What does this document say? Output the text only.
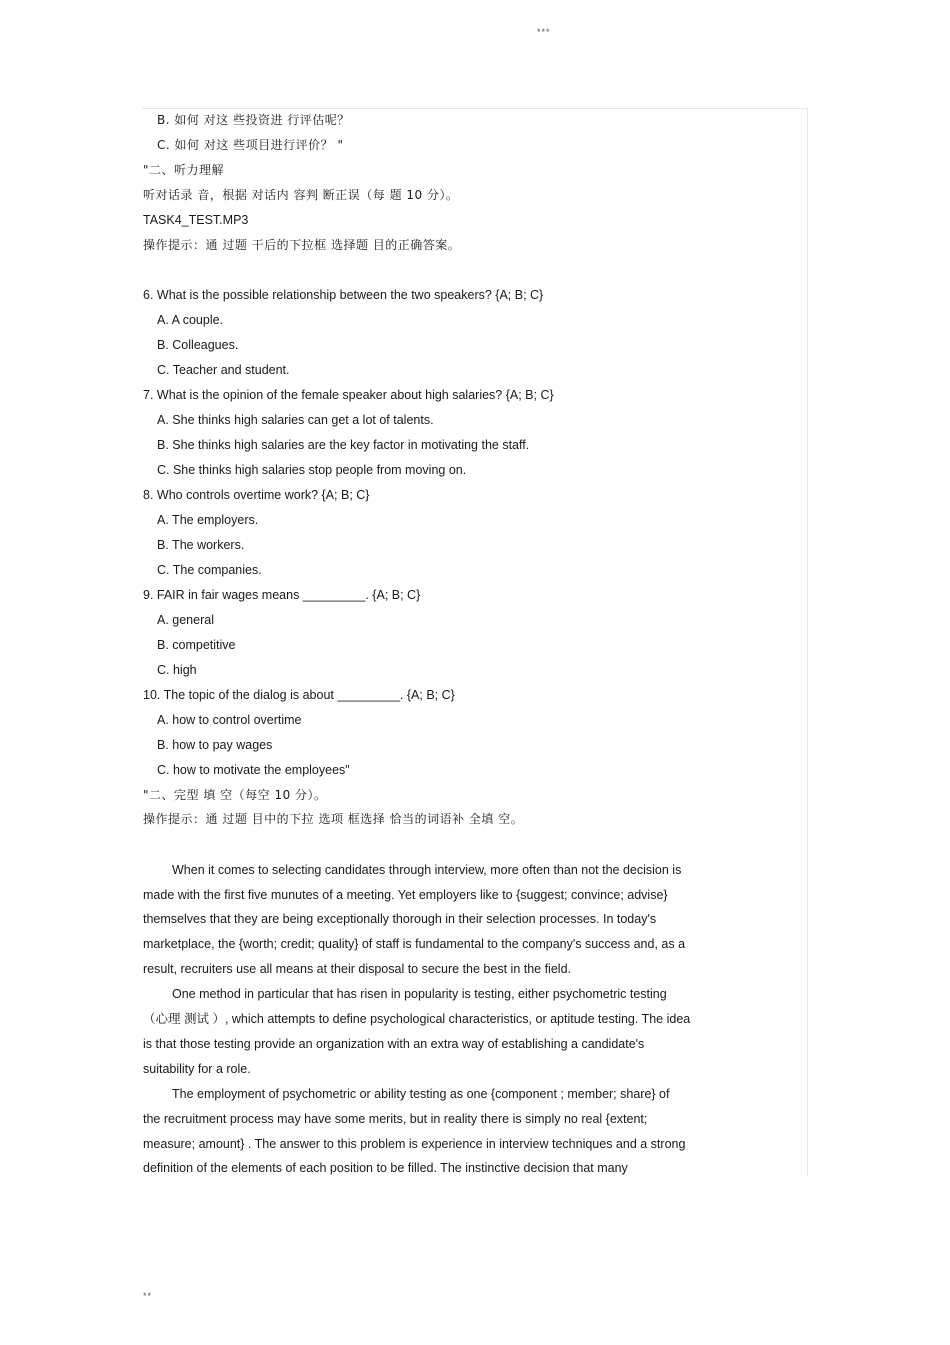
***
B. 如何 对这 些投资进 行评估呢？
C. 如何 对这 些项目进行评价？ "
"二、听力理解
听对话录 音，根据 对话内 容判 断正误（每 题 10 分）。
TASK4_TEST.MP3
操作提示：通 过题 干后的下拉框 选择题 目的正确答案。
6. What is the possible relationship between the two speakers? {A; B; C}
A. A couple.
B. Colleagues.
C. Teacher and student.
7. What is the opinion of the female speaker about high salaries? {A; B; C}
A. She thinks high salaries can get a lot of talents.
B. She thinks high salaries are the key factor in motivating the staff.
C. She thinks high salaries stop people from moving on.
8. Who controls overtime work? {A; B; C}
A. The employers.
B. The workers.
C. The companies.
9. FAIR in fair wages means _________. {A; B; C}
A. general
B. competitive
C. high
10. The topic of the dialog is about _________. {A; B; C}
A. how to control overtime
B. how to pay wages
C. how to motivate the employees"
"二、完型 填 空（每空 10 分）。
操作提示：通 过题 目中的下拉 选项 框选择 恰当的词语补 全填 空。
When it comes to selecting candidates through interview, more often than not the decision is
made with the first five munutes of a meeting. Yet employers like to {suggest; convince; advise}
themselves that they are being exceptionally thorough in their selection processes. In today's
marketplace, the {worth; credit; quality} of staff is fundamental to the company's success and, as a
result, recruiters use all means at their disposal to secure the best in the field.
One method in particular that has risen in popularity is testing, either psychometric testing
（心理 测试 ）, which attempts to define psychological characteristics, or aptitude testing. The idea
is that those testing provide an organization with an extra way of establishing a candidate's
suitability for a role.
The employment of psychometric or ability testing as one {component ; member; share} of
the recruitment process may have some merits, but in reality there is simply no real {extent;
measure; amount} . The answer to this problem is experience in interview techniques and a strong
definition of the elements of each position to be filled. The instinctive decision that many
**
